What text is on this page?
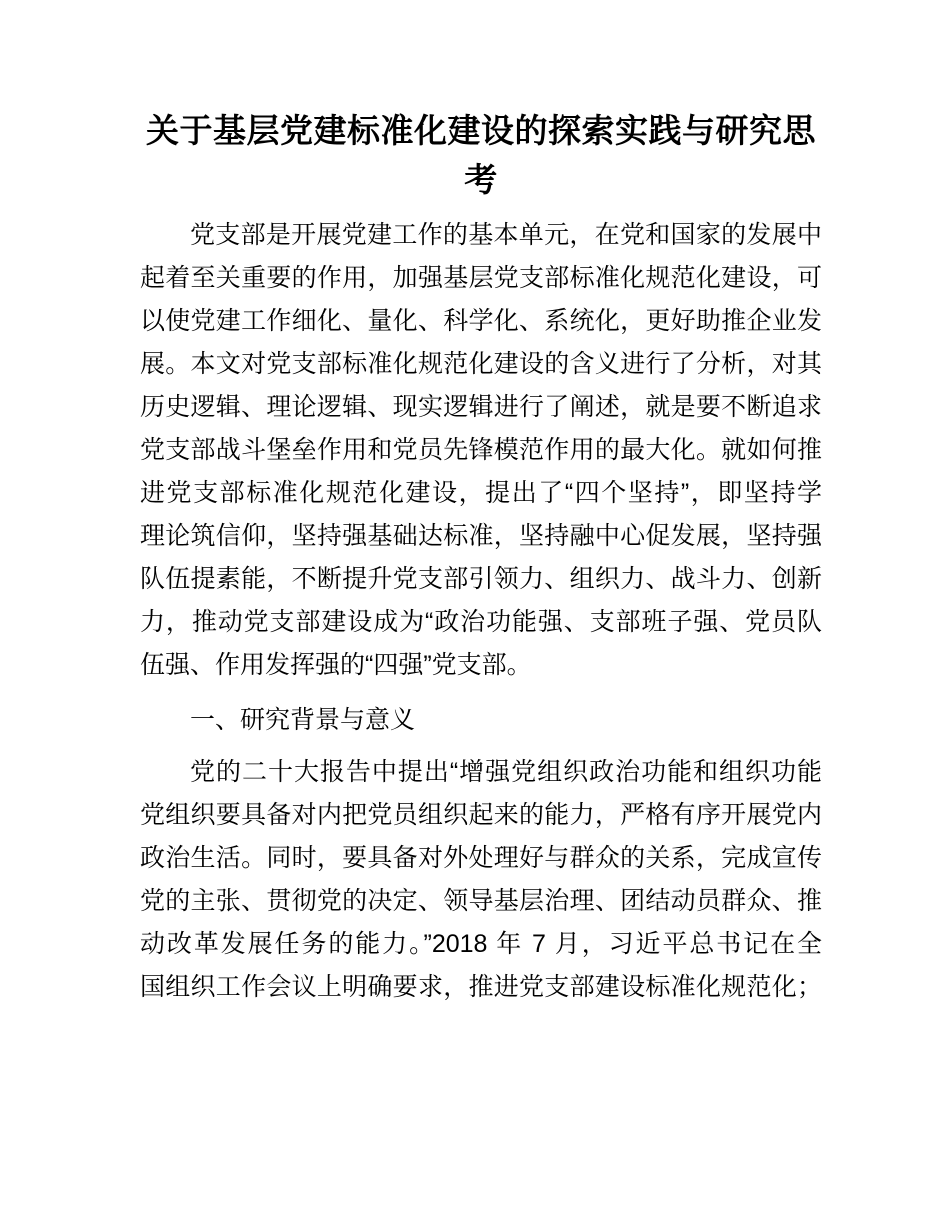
关于基层党建标准化建设的探索实践与研究思
考
党支部是开展党建工作的基本单元，在党和国家的发展中
起着至关重要的作用，加强基层党支部标准化规范化建设，可
以使党建工作细化、量化、科学化、系统化，更好助推企业发
展。本文对党支部标准化规范化建设的含义进行了分析，对其
历史逻辑、理论逻辑、现实逻辑进行了阐述，就是要不断追求
党支部战斗堡垒作用和党员先锋模范作用的最大化。就如何推
进党支部标准化规范化建设，提出了“四个坚持”，即坚持学
理论筑信仰，坚持强基础达标准，坚持融中心促发展，坚持强
队伍提素能，不断提升党支部引领力、组织力、战斗力、创新
力，推动党支部建设成为“政治功能强、支部班子强、党员队
伍强、作用发挥强的“四强”党支部。
一、研究背景与意义
党的二十大报告中提出“增强党组织政治功能和组织功能
党组织要具备对内把党员组织起来的能力，严格有序开展党内
政治生活。同时，要具备对外处理好与群众的关系，完成宣传
党的主张、贯彻党的决定、领导基层治理、团结动员群众、推
动改革发展任务的能力。”2018 年 7 月，习近平总书记在全
国组织工作会议上明确要求，推进党支部建设标准化规范化；
